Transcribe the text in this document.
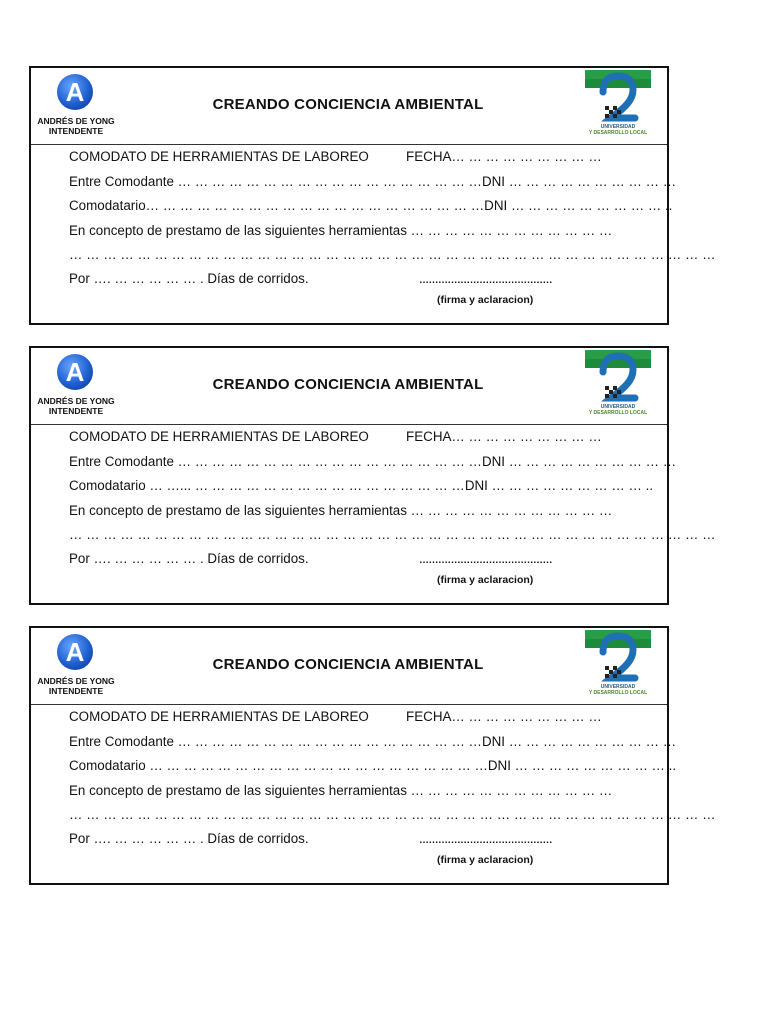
A
ANDRÉS DE YONG
INTENDENTE
CREANDO CONCIENCIA AMBIENTAL
UNIVERSIDAD
Y DESARROLLO LOCAL
COMODATO DE HERRAMIENTAS DE LABOREO          FECHA… … … … … … … … …
Entre Comodante … … … … … … … … … … … … … … … … … …DNI … … … … … … … … … …
Comodatario… … … … … … … … … … … … … … … … … … … …DNI … … … … … … … … … ..
En concepto de prestamo de las siguientes herramientas … … … … … … … … … … … …
… … … … … … … … … … … … … … … … … … … … … … … … … … … … … … … … … … … … … …
Por …. … … … … … . Días de corridos.	……………………………………
(firma y aclaracion)
A
ANDRÉS DE YONG
INTENDENTE
CREANDO CONCIENCIA AMBIENTAL
UNIVERSIDAD
Y DESARROLLO LOCAL
COMODATO DE HERRAMIENTAS DE LABOREO          FECHA… … … … … … … … …
Entre Comodante … … … … … … … … … … … … … … … … … …DNI … … … … … … … … … …
Comodatario … …... … … … … … … … … … … … … … … … …DNI … … … … … … … … … ..
En concepto de prestamo de las siguientes herramientas … … … … … … … … … … … …
… … … … … … … … … … … … … … … … … … … … … … … … … … … … … … … … … … … … … …
Por …. … … … … … . Días de corridos.	……………………………………
(firma y aclaracion)
A
ANDRÉS DE YONG
INTENDENTE
CREANDO CONCIENCIA AMBIENTAL
UNIVERSIDAD
Y DESARROLLO LOCAL
COMODATO DE HERRAMIENTAS DE LABOREO          FECHA… … … … … … … … …
Entre Comodante … … … … … … … … … … … … … … … … … …DNI … … … … … … … … … …
Comodatario … … … … … … … … … … … … … … … … … … … …DNI … … … … … … … … … ..
En concepto de prestamo de las siguientes herramientas … … … … … … … … … … … …
… … … … … … … … … … … … … … … … … … … … … … … … … … … … … … … … … … … … … …
Por …. … … … … … . Días de corridos.	……………………………………
(firma y aclaracion)
